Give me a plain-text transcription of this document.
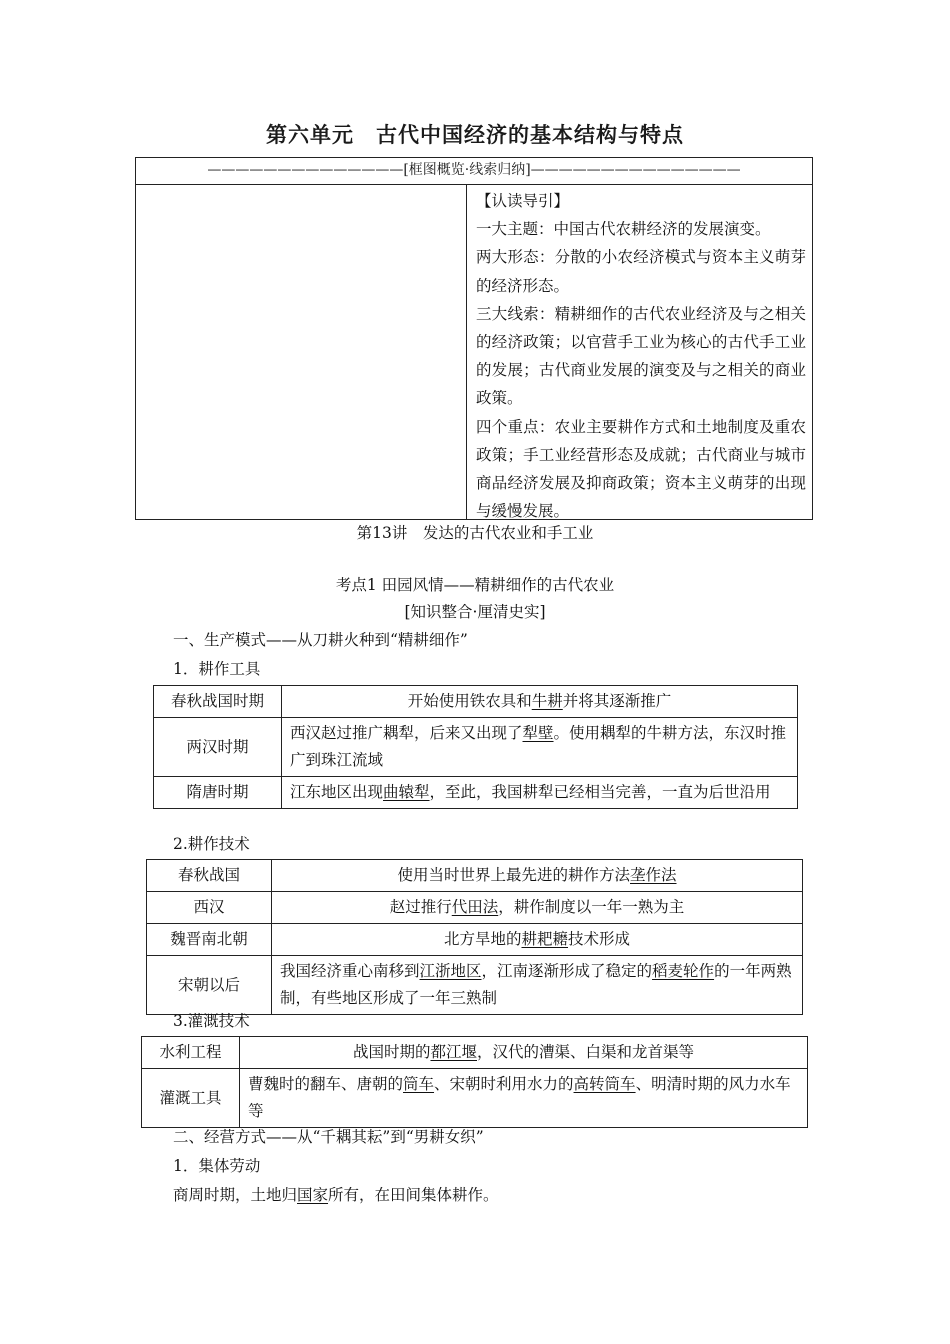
第六单元　古代中国经济的基本结构与特点
——————————————[框图概览·线索归纳]———————————————
【认读导引】
一大主题：中国古代农耕经济的发展演变。
两大形态：分散的小农经济模式与资本主义萌芽的经济形态。
三大线索：精耕细作的古代农业经济及与之相关的经济政策；以官营手工业为核心的古代手工业的发展；古代商业发展的演变及与之相关的商业政策。
四个重点：农业主要耕作方式和土地制度及重农政策；手工业经营形态及成就；古代商业与城市商品经济发展及抑商政策；资本主义萌芽的出现与缓慢发展。
第13讲　发达的古代农业和手工业
考点1 田园风情——精耕细作的古代农业
[知识整合·厘清史实]
一、生产模式——从刀耕火种到“精耕细作”
1．耕作工具
春秋战国时期	开始使用铁农具和牛耕并将其逐渐推广
两汉时期	西汉赵过推广耦犁，后来又出现了犁壁。使用耦犁的牛耕方法，东汉时推广到珠江流域
隋唐时期	江东地区出现曲辕犁，至此，我国耕犁已经相当完善，一直为后世沿用
2.耕作技术
春秋战国	使用当时世界上最先进的耕作方法垄作法
西汉	赵过推行代田法，耕作制度以一年一熟为主
魏晋南北朝	北方旱地的耕耙耱技术形成
宋朝以后	我国经济重心南移到江浙地区，江南逐渐形成了稳定的稻麦轮作的一年两熟制，有些地区形成了一年三熟制
3.灌溉技术
水利工程	战国时期的都江堰，汉代的漕渠、白渠和龙首渠等
灌溉工具	曹魏时的翻车、唐朝的筒车、宋朝时利用水力的高转筒车、明清时期的风力水车等
二、经营方式——从“千耦其耘”到“男耕女织”
1．集体劳动
商周时期，土地归国家所有，在田间集体耕作。
